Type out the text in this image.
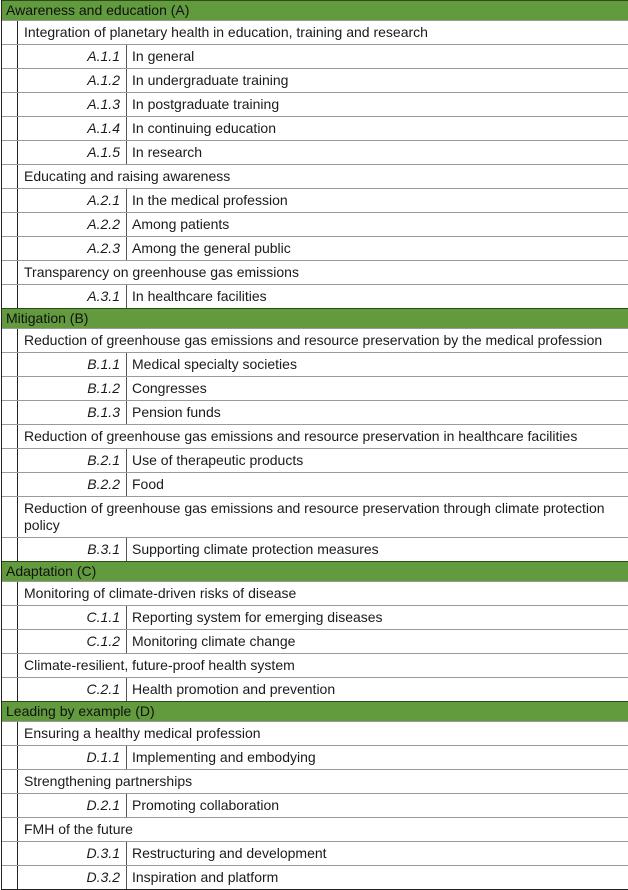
Awareness and education (A)
Integration of planetary health in education, training and research
A.1.1 In general
A.1.2 In undergraduate training
A.1.3 In postgraduate training
A.1.4 In continuing education
A.1.5 In research
Educating and raising awareness
A.2.1 In the medical profession
A.2.2 Among patients
A.2.3 Among the general public
Transparency on greenhouse gas emissions
A.3.1 In healthcare facilities
Mitigation (B)
Reduction of greenhouse gas emissions and resource preservation by the medical profession
B.1.1 Medical specialty societies
B.1.2 Congresses
B.1.3 Pension funds
Reduction of greenhouse gas emissions and resource preservation in healthcare facilities
B.2.1 Use of therapeutic products
B.2.2 Food
Reduction of greenhouse gas emissions and resource preservation through climate protection policy
B.3.1 Supporting climate protection measures
Adaptation (C)
Monitoring of climate-driven risks of disease
C.1.1 Reporting system for emerging diseases
C.1.2 Monitoring climate change
Climate-resilient, future-proof health system
C.2.1 Health promotion and prevention
Leading by example (D)
Ensuring a healthy medical profession
D.1.1 Implementing and embodying
Strengthening partnerships
D.2.1 Promoting collaboration
FMH of the future
D.3.1 Restructuring and development
D.3.2 Inspiration and platform
